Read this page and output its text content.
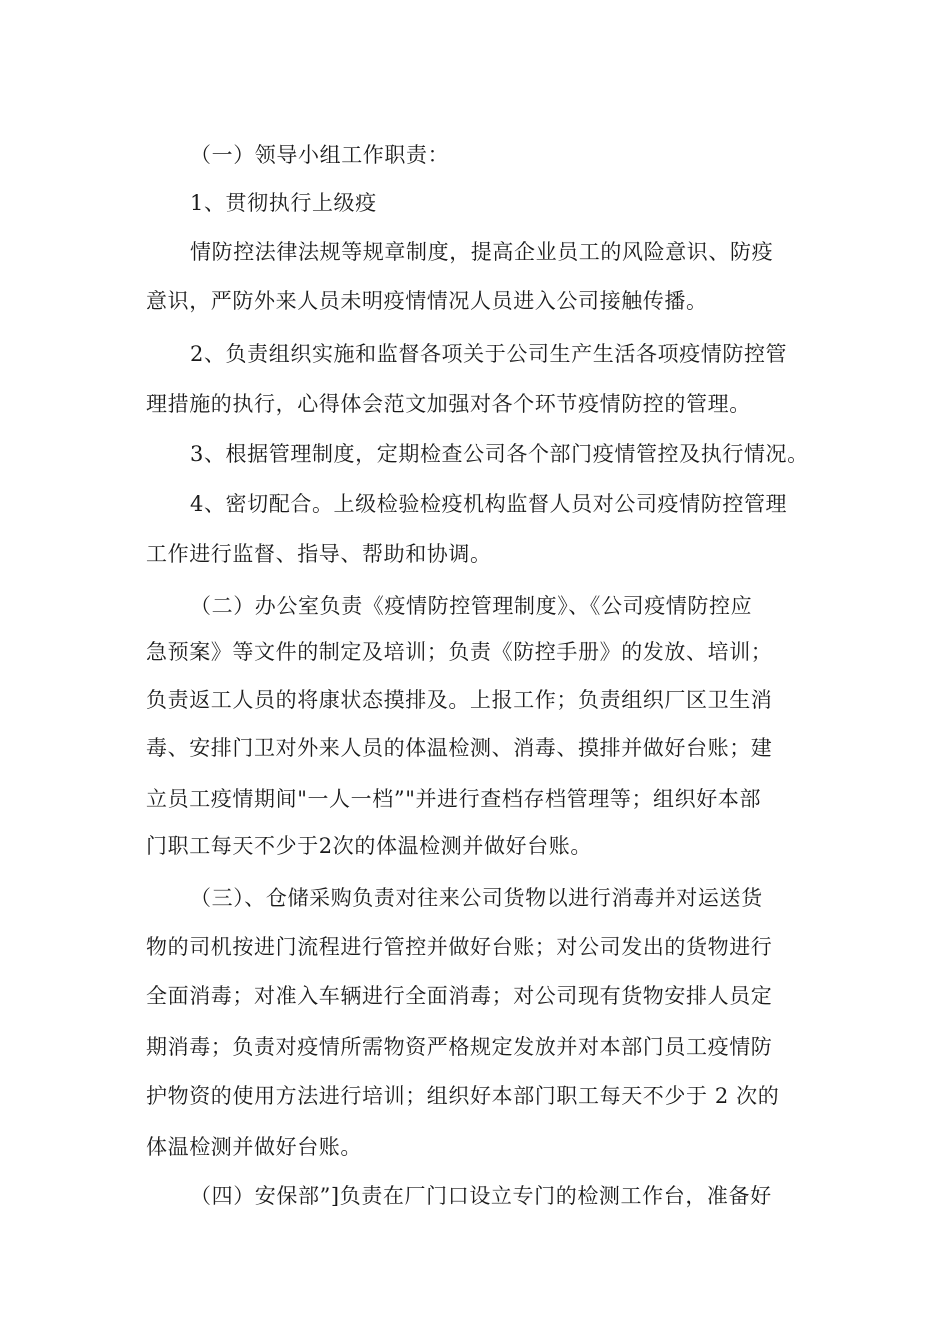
（一）领导小组工作职责：
1、贯彻执行上级疫
情防控法律法规等规章制度，提高企业员工的风险意识、防疫
意识，严防外来人员未明疫情情况人员进入公司接触传播。
2、负责组织实施和监督各项关于公司生产生活各项疫情防控管
理措施的执行，心得体会范文加强对各个环节疫情防控的管理。
3、根据管理制度，定期检查公司各个部门疫情管控及执行情况。
4、密切配合。上级检验检疫机构监督人员对公司疫情防控管理
工作进行监督、指导、帮助和协调。
（二）办公室负责《疫情防控管理制度》、《公司疫情防控应
急预案》等文件的制定及培训；负责《防控手册》的发放、培训；
负责返工人员的将康状态摸排及。上报工作；负责组织厂区卫生消
毒、安排门卫对外来人员的体温检测、消毒、摸排并做好台账；建
立员工疫情期间"一人一档”"并进行查档存档管理等；组织好本部
门职工每天不少于2次的体温检测并做好台账。
（三）、仓储采购负责对往来公司货物以进行消毒并对运送货
物的司机按进门流程进行管控并做好台账；对公司发出的货物进行
全面消毒；对准入车辆进行全面消毒；对公司现有货物安排人员定
期消毒；负责对疫情所需物资严格规定发放并对本部门员工疫情防
护物资的使用方法进行培训；组织好本部门职工每天不少于 2 次的
体温检测并做好台账。
（四）安保部”]负责在厂门口设立专门的检测工作台，准备好
